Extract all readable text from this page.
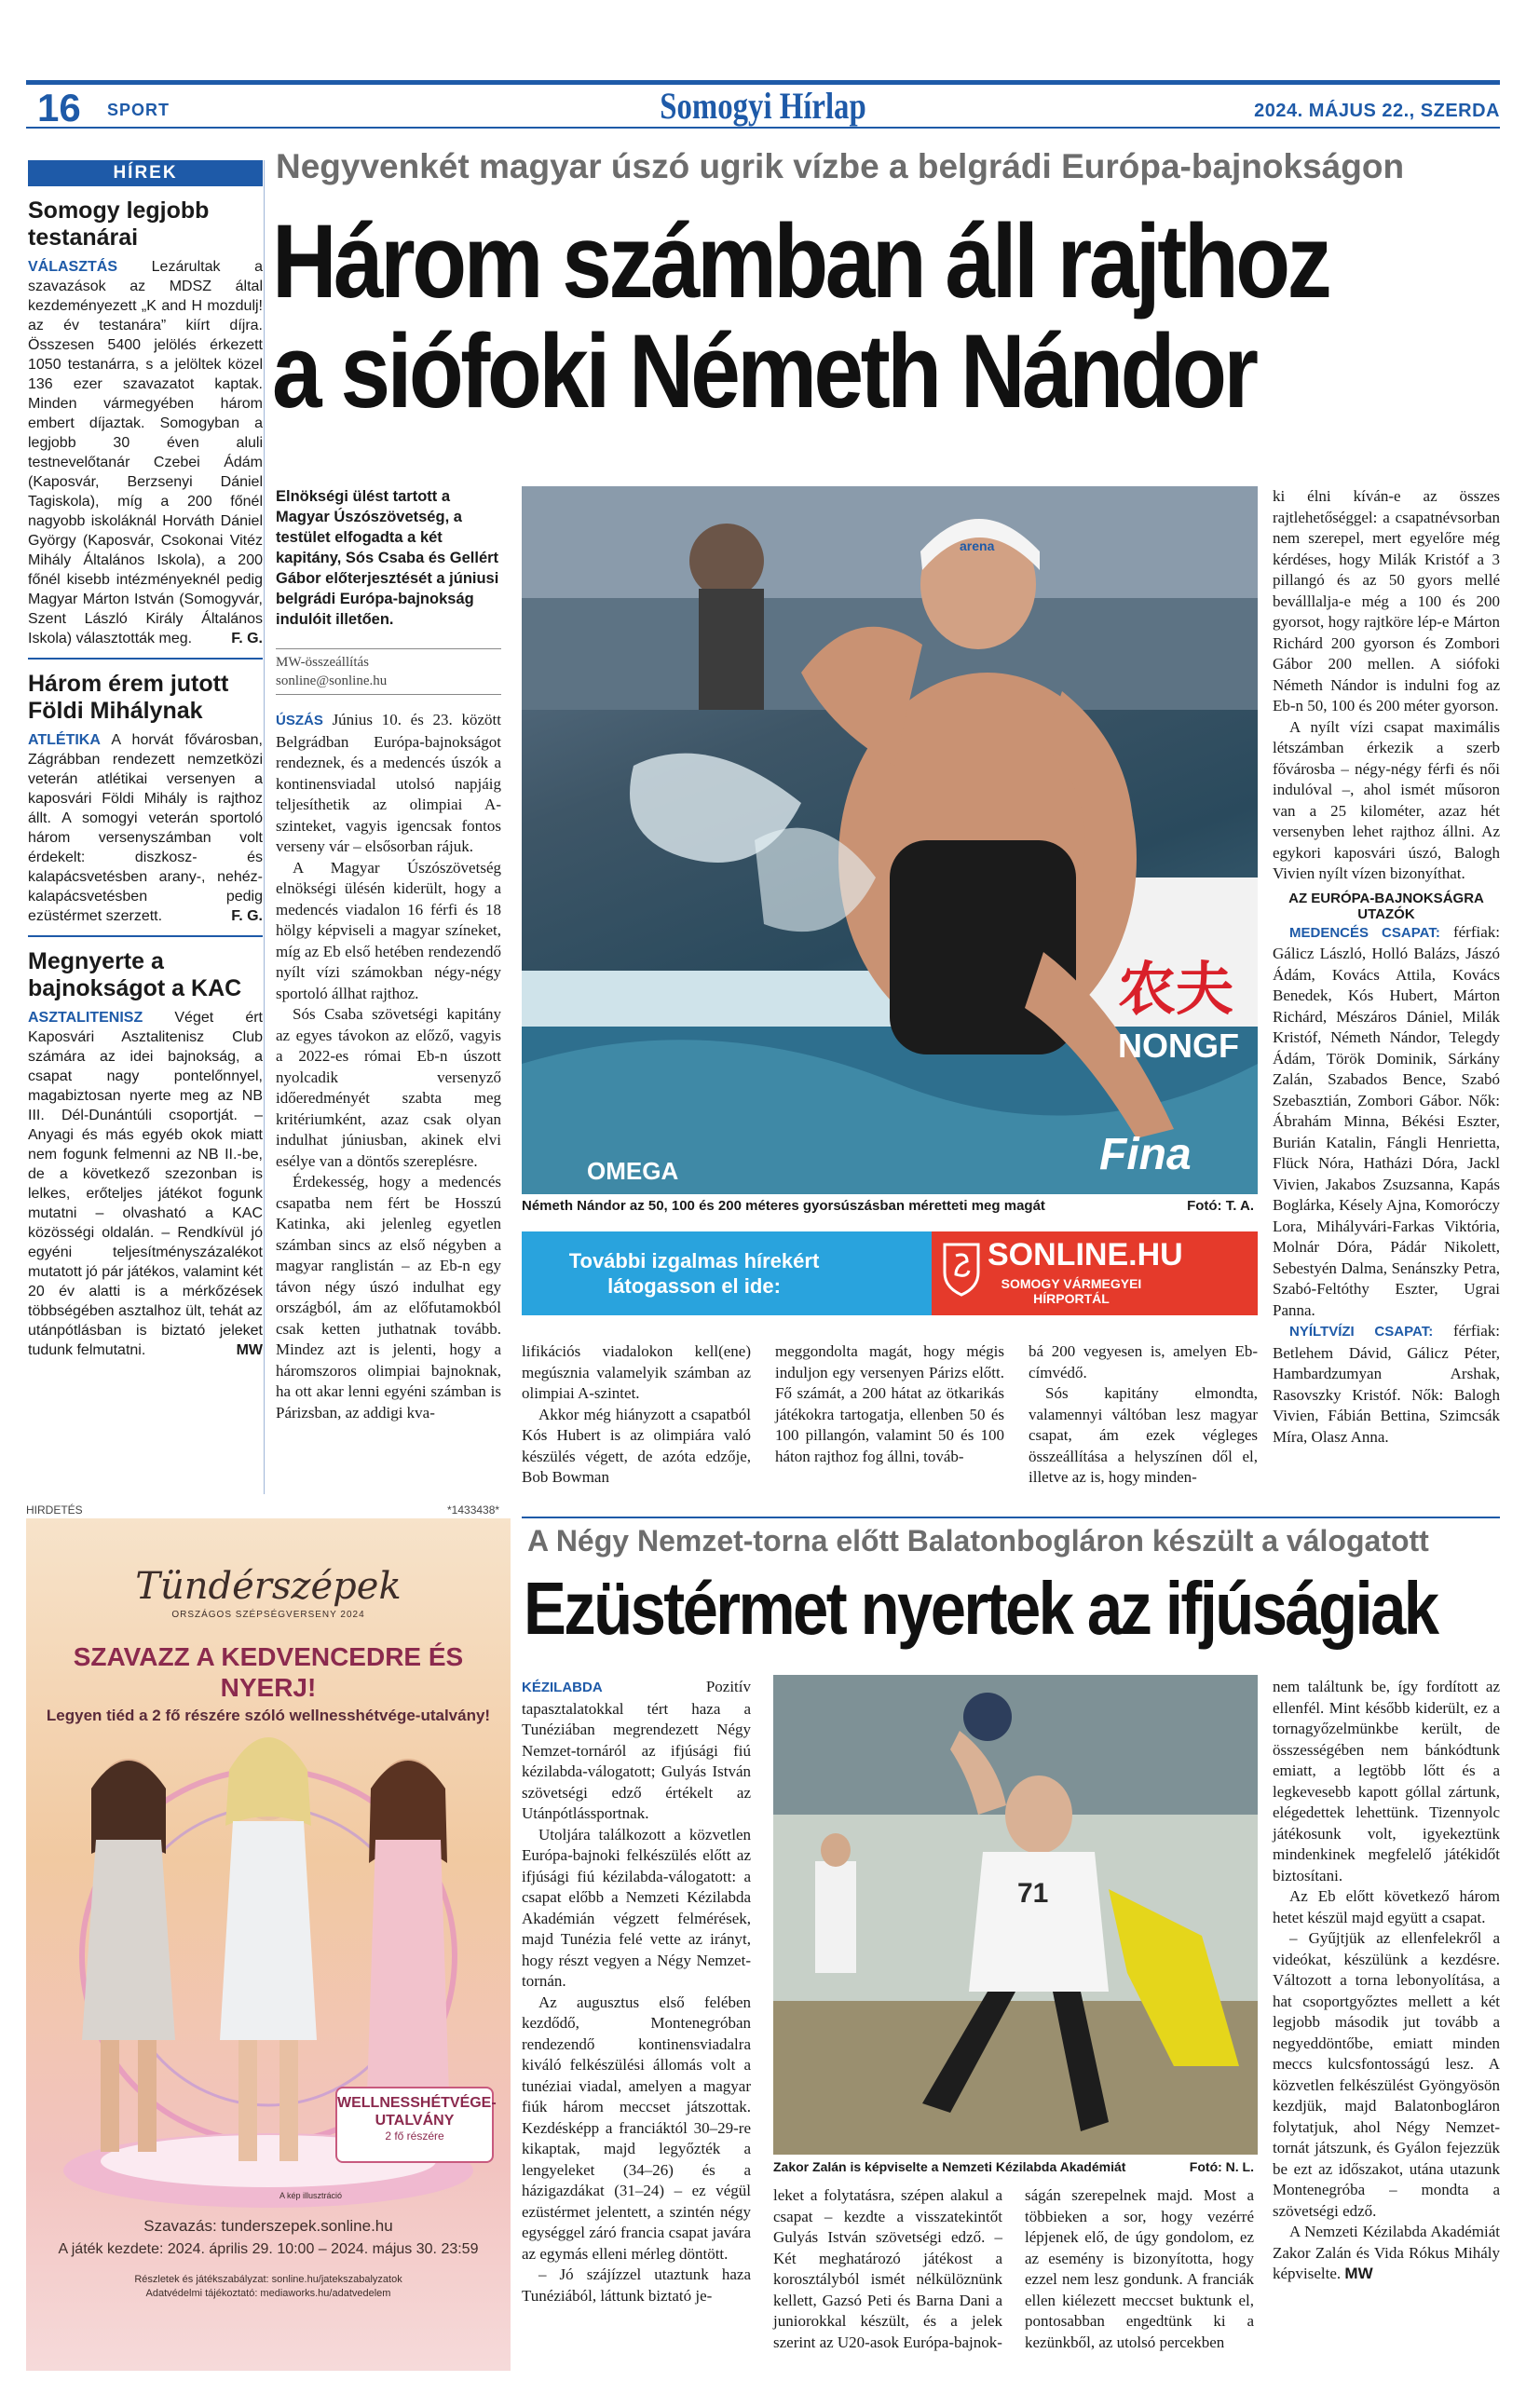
16 SPORT	Somogyi Hírlap	2024. MÁJUS 22., SZERDA
HÍREK
Somogy legjobb testanárai
VÁLASZTÁS Lezárultak a szavazások az MDSZ által kezdeményezett „K and H mozdulj! az év testanára” kiírt díjra. Összesen 5400 jelölés érkezett 1050 testanárra, s a jelöltek közel 136 ezer szavazatot kaptak. Minden vármegyében három embert díjaztak. Somogyban a legjobb 30 éven aluli testnevelőtanár Czebei Ádám (Kaposvár, Berzsenyi Dániel Tagiskola), míg a 200 főnél nagyobb iskoláknál Horváth Dániel György (Kaposvár, Csokonai Vitéz Mihály Általános Iskola), a 200 főnél kisebb intézményeknél pedig Magyar Márton István (Somogyvár, Szent László Király Általános Iskola) választották meg.	F. G.
Három érem jutott Földi Mihálynak
ATLÉTIKA A horvát fővárosban, Zágrábban rendezett nemzetközi veterán atlétikai versenyen a kaposvári Földi Mihály is rajthoz állt. A somogyi veterán sportoló három versenyszámban volt érdekelt: diszkosz- és kalapácsvetésben arany-, nehéz-kalapácsvetésben pedig ezüstérmet szerzett.	F. G.
Megnyerte a bajnokságot a KAC
ASZTALITENISZ Véget ért Kaposvári Asztalitenisz Club számára az idei bajnokság, a csapat nagy pontelőnnyel, magabiztosan nyerte meg az NB III. Dél-Dunántúli csoportját. – Anyagi és más egyéb okok miatt nem fogunk felmenni az NB II.-be, de a következő szezonban is lelkes, erőteljes játékot fogunk mutatni – olvasható a KAC közösségi oldalán. – Rendkívül jó egyéni teljesítményszázalékot mutatott jó pár játékos, valamint két 20 év alatti is a mérkőzések többségében asztalhoz ült, tehát az utánpótlásban is biztató jeleket tudunk felmutatni.	MW
Negyvenkét magyar úszó ugrik vízbe a belgrádi Európa-bajnokságon
Három számban áll rajthoz
a siófoki Németh Nándor
Elnökségi ülést tartott a Magyar Úszószövetség, a testület elfogadta a két kapitány, Sós Csaba és Gellért Gábor előterjesztését a júniusi belgrádi Európa-bajnokság indulóit illetően.
MW-összeállítás
sonline@sonline.hu

ÚSZÁS Június 10. és 23. között Belgrádban Európa-bajnokságot rendeznek, és a medencés úszók a kontinensviadal utolsó napjáig teljesíthetik az olimpiai A-szinteket, vagyis igencsak fontos verseny vár – elsősorban rájuk.

A Magyar Úszószövetség elnökségi ülésén kiderült, hogy a medencés viadalon 16 férfi és 18 hölgy képviseli a magyar színeket, míg az Eb első hetében rendezendő nyílt vízi számokban négy-négy sportoló állhat rajthoz.

Sós Csaba szövetségi kapitány az egyes távokon az előző, vagyis a 2022-es római Eb-n úszott nyolcadik versenyző időeredményét szabta meg kritériumként, azaz csak olyan indulhat júniusban, akinek elvi esélye van a döntős szereplésre.

Érdekesség, hogy a medencés csapatba nem fért be Hosszú Katinka, aki jelenleg egyetlen számban sincs az első négyben a magyar ranglistán – az Eb-n egy távon négy úszó indulhat egy országból, ám az előfutamokból csak ketten juthatnak tovább. Mindez azt is jelenti, hogy a háromszoros olimpiai bajnoknak, ha ott akar lenni egyéni számban is Párizsban, az addigi kva-

arena
OMEGA
NONGF
农夫
Fina
Németh Nándor az 50, 100 és 200 méteres gyorsúszásban méretteti meg magát	Fotó: T. A.
További izgalmas hírekért látogasson el ide:
SONLINE.HU
SOMOGY VÁRMEGYEI HÍRPORTÁL

lifikációs viadalokon kell(ene) megúsznia valamelyik számban az olimpiai A-szintet.

Akkor még hiányzott a csapatból Kós Hubert is az olimpiára való készülés végett, de azóta edzője, Bob Bowman

meggondolta magát, hogy mégis induljon egy versenyen Párizs előtt. Fő számát, a 200 hátat az ötkarikás játékokra tartogatja, ellenben 50 és 100 pillangón, valamint 50 és 100 háton rajthoz fog állni, továb-

bá 200 vegyesen is, amelyen Eb-címvédő.

Sós kapitány elmondta, valamennyi váltóban lesz magyar csapat, ám ezek végleges összeállítása a helyszínen dől el, illetve az is, hogy minden-

ki élni kíván-e az összes rajtlehetőséggel: a csapatnévsorban nem szerepel, mert egyelőre még kérdéses, hogy Milák Kristóf a 3 pillangó és az 50 gyors mellé beválllalja-e még a 100 és 200 gyorsot, hogy rajtköre lép-e Márton Richárd 200 gyorson és Zombori Gábor 200 mellen. A siófoki Németh Nándor is indulni fog az Eb-n 50, 100 és 200 méter gyorson.

A nyílt vízi csapat maximális létszámban érkezik a szerb fővárosba – négy-négy férfi és női indulóval –, ahol ismét műsoron van a 25 kilométer, azaz hét versenyben lehet rajthoz állni. Az egykori kaposvári úszó, Balogh Vivien nyílt vízen bizonyíthat.

AZ EURÓPA-BAJNOKSÁGRA UTAZÓK

MEDENCÉS CSAPAT: férfiak: Gálicz László, Holló Balázs, Jászó Ádám, Kovács Attila, Kovács Benedek, Kós Hubert, Márton Richárd, Mészáros Dániel, Milák Kristóf, Németh Nándor, Telegdy Ádám, Török Dominik, Sárkány Zalán, Szabados Bence, Szabó Szebasztián, Zombori Gábor. Nők: Ábrahám Minna, Békési Eszter, Burián Katalin, Fángli Henrietta, Flück Nóra, Hatházi Dóra, Jackl Vivien, Jakabos Zsuzsanna, Kapás Boglárka, Késely Ajna, Komoróczy Lora, Mihályvári-Farkas Viktória, Molnár Dóra, Pádár Nikolett, Sebestyén Dalma, Senánszky Petra, Szabó-Feltóthy Eszter, Ugrai Panna.

NYÍLTVÍZI CSAPAT: férfiak: Betlehem Dávid, Gálicz Péter, Hambardzumyan Arshak, Rasovszky Kristóf. Nők: Balogh Vivien, Fábián Bettina, Szimcsák Míra, Olasz Anna.

HIRDETÉS	*1433438*
Tündérszépek
ORSZÁGOS SZÉPSÉGVERSENY 2024
SZAVAZZ A KEDVENCEDRE ÉS NYERJ!
Legyen tiéd a 2 fő részére szóló wellnesshétvége-utalvány!
WELLNESSHÉTVÉGE-UTALVÁNY
2 fő részére
A kép illusztráció
Szavazás: tunderszepek.sonline.hu
A játék kezdete: 2024. április 29. 10:00 – 2024. május 30. 23:59
Részletek és játékszabályzat: sonline.hu/jatekszabalyzatok
Adatvédelmi tájékoztató: mediaworks.hu/adatvedelem
A Négy Nemzet-torna előtt Balatonbogláron készült a válogatott
Ezüstérmet nyertek az ifjúságiak

KÉZILABDA	Pozitív tapasztalatokkal tért haza a Tunéziában megrendezett Négy Nemzet-tornáról az ifjúsági fiú kézilabda-válogatott; Gulyás István szövetségi edző értékelt az Utánpótlássportnak.

Utoljára találkozott a közvetlen Európa-bajnoki felkészülés előtt az ifjúsági fiú kézilabda-válogatott: a csapat előbb a Nemzeti Kézilabda Akadémián végzett felmérések, majd Tunézia felé vette az irányt, hogy részt vegyen a Négy Nemzet-tornán.

Az augusztus első felében kezdődő, Montenegróban rendezendő kontinensviadalra kiváló felkészülési állomás volt a tunéziai viadal, amelyen a magyar fiúk három meccset játszottak. Kezdésképp a franciáktól 30–29-re kikaptak, majd legyőzték a lengyeleket (34–26) és a házigazdákat (31–24) – ez végül ezüstérmet jelentett, a szintén négy egységgel záró francia csapat javára az egymás elleni mérleg döntött.

– Jó szájízzel utaztunk haza Tunéziából, láttunk biztató je-

71
Zakor Zalán is képviselte a Nemzeti Kézilabda Akadémiát	Fotó: N. L.

leket a folytatásra, szépen alakul a csapat – kezdte a visszatekintőt Gulyás István szövetségi edző. – Két meghatározó játékost a korosztályból ismét nélkülöznünk kellett, Gazsó Peti és Barna Dani a juniorokkal készült, és a jelek szerint az U20-asok Európa-bajnok-

ságán szerepelnek majd. Most a többieken a sor, hogy vezérré lépjenek elő, de úgy gondolom, ez az esemény is bizonyította, hogy ezzel nem lesz gondunk. A franciák ellen kiélezett meccset buktunk el, pontosabban engedtünk ki a kezünkből, az utolsó percekben

nem találtunk be, így fordított az ellenfél. Mint később kiderült, ez a tornagyőzelmünkbe került, de összességében nem bánkódtunk emiatt, a legtöbb lőtt és a legkevesebb kapott góllal zártunk, elégedettek lehettünk. Tizennyolc játékosunk volt, igyekeztünk mindenkinek megfelelő játékidőt biztosítani.

Az Eb előtt következő három hetet készül majd együtt a csapat.

– Gyűjtjük az ellenfelekről a videókat, készülünk a kezdésre. Változott a torna lebonyolítása, a hat csoportgyőztes mellett a két legjobb második jut tovább a negyeddöntőbe, emiatt minden meccs kulcsfontosságú lesz. A közvetlen felkészülést Gyöngyösön kezdjük, majd Balatonbogláron folytatjuk, ahol Négy Nemzet-tornát játszunk, és Gyálon fejezzük be ezt az időszakot, utána utazunk Montenegróba – mondta a szövetségi edző.

A Nemzeti Kézilabda Akadémiát Zakor Zalán és Vida Rókus Mihály képviselte. MW
